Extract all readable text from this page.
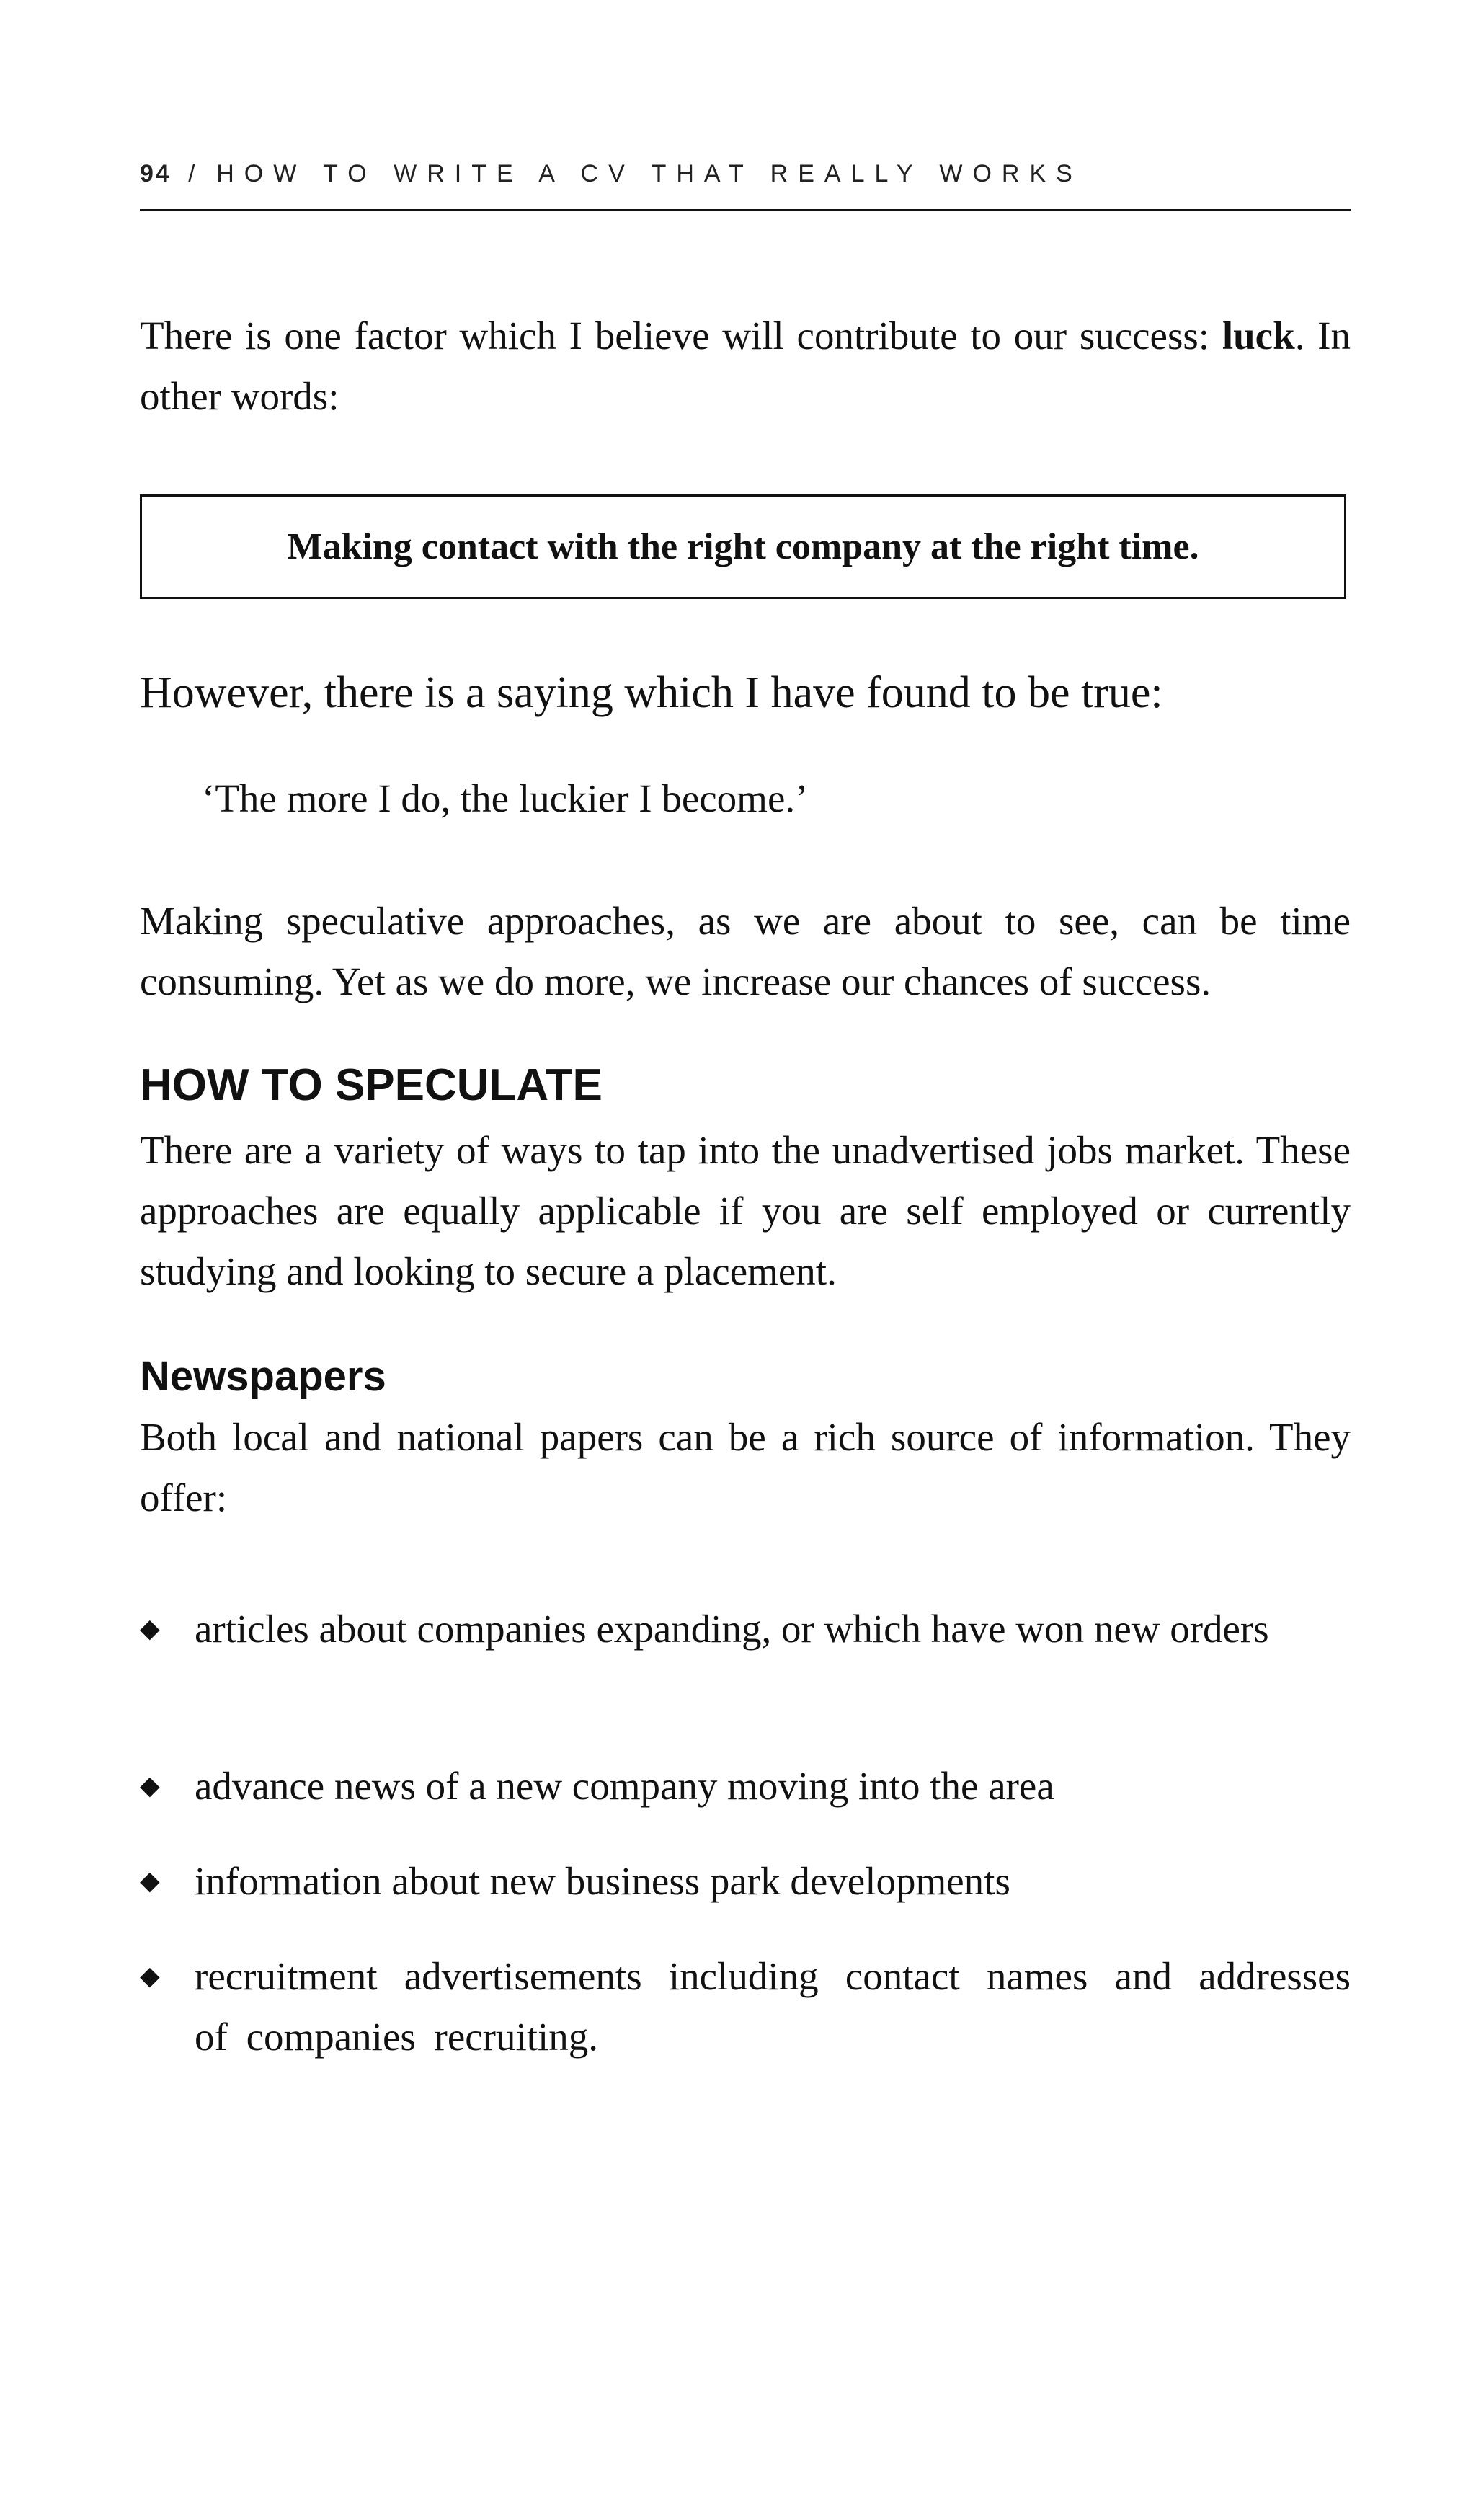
94 / HOW TO WRITE A CV THAT REALLY WORKS

There is one factor which I believe will contribute to our success: luck. In other words:

Making contact with the right company at the right time.

However, there is a saying which I have found to be true:

‘The more I do, the luckier I become.’

Making speculative approaches, as we are about to see, can be time consuming. Yet as we do more, we increase our chances of success.

HOW TO SPECULATE

There are a variety of ways to tap into the unadvertised jobs market. These approaches are equally applicable if you are self employed or currently studying and looking to secure a placement.

Newspapers

Both local and national papers can be a rich source of information. They offer:

◆ articles about companies expanding, or which have won new orders
◆ advance news of a new company moving into the area
◆ information about new business park developments
◆ recruitment advertisements including contact names and addresses of companies recruiting.
